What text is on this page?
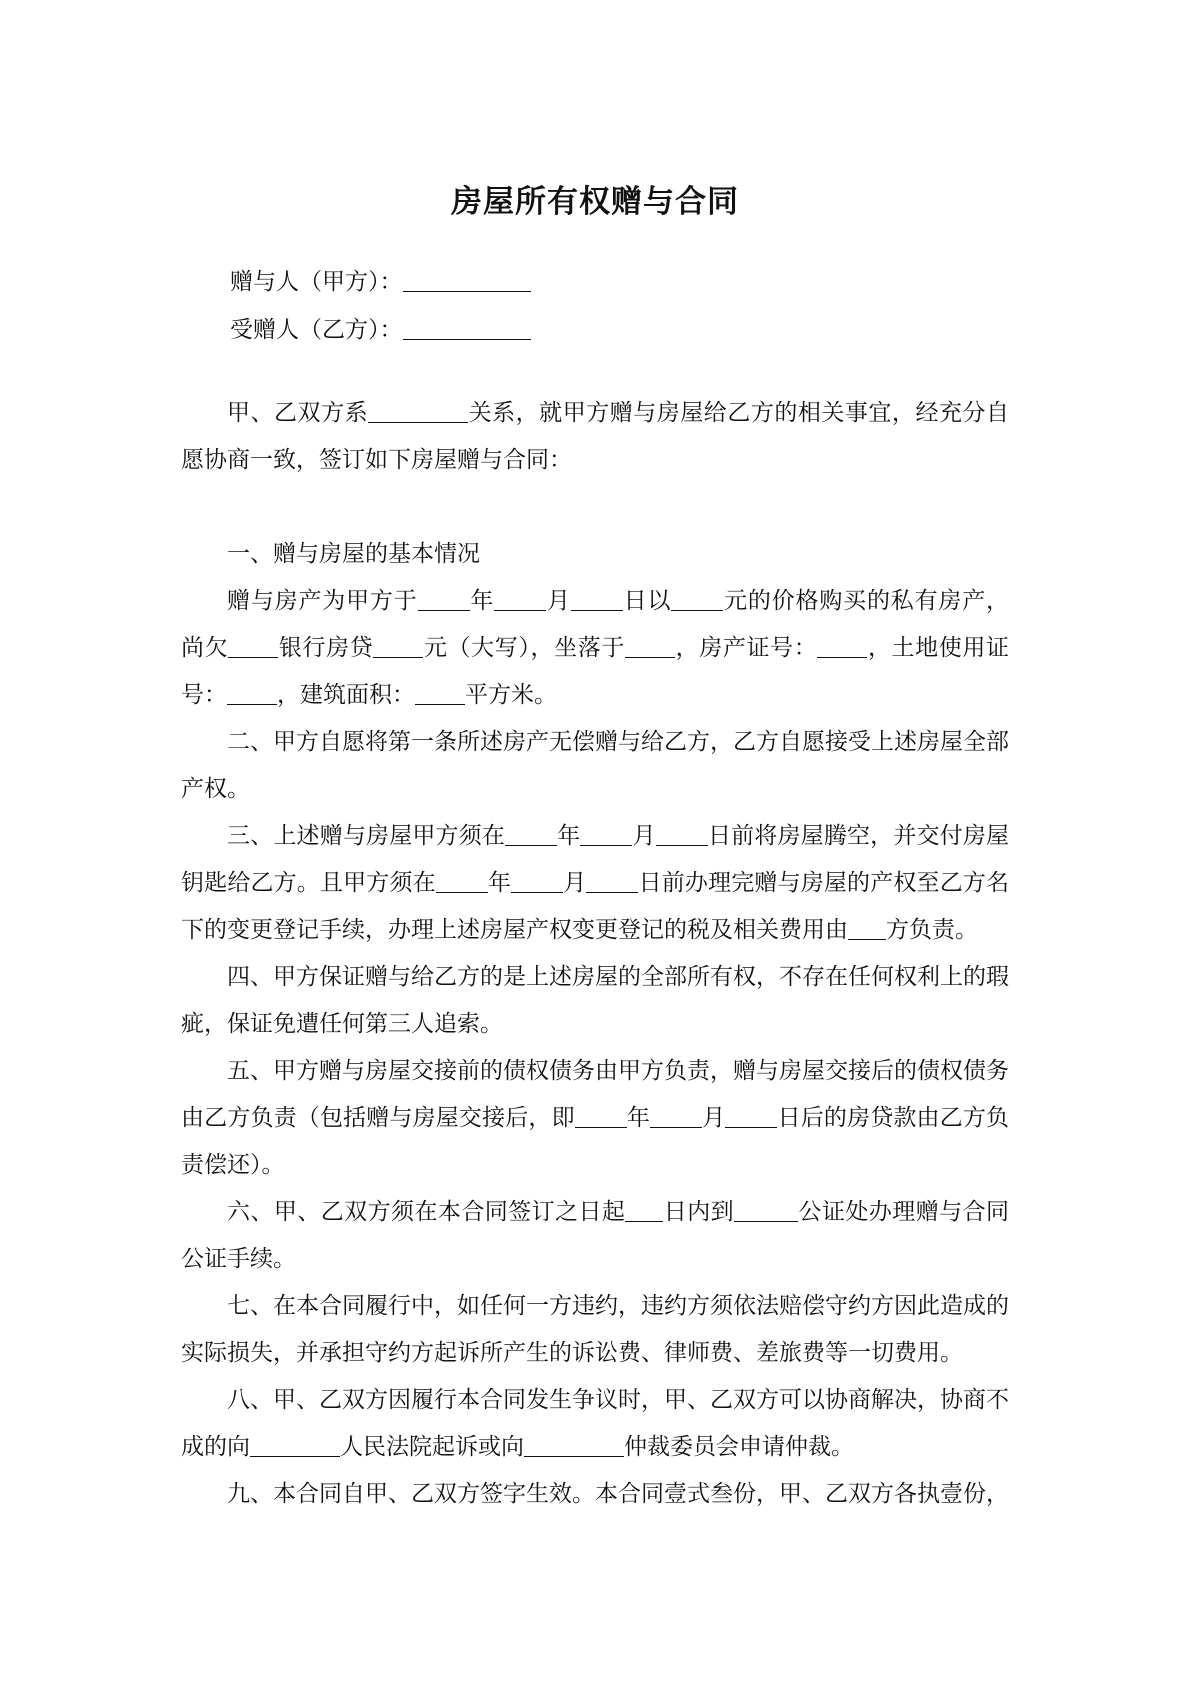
房屋所有权赠与合同
赠与人（甲方）：
受赠人（乙方）：

甲、乙双方系	关系，就甲方赠与房屋给乙方的相关事宜，经充分自愿协商一致，签订如下房屋赠与合同：

一、赠与房屋的基本情况

赠与房产为甲方于 年 月 日以 元的价格购买的私有房产，尚欠 银行房贷 元（大写），坐落于 ，房产证号： ，土地使用证号： ，建筑面积： 平方米。

二、甲方自愿将第一条所述房产无偿赠与给乙方，乙方自愿接受上述房屋全部产权。

三、上述赠与房屋甲方须在 年 月 日前将房屋腾空，并交付房屋钥匙给乙方。且甲方须在 年 月 日前办理完赠与房屋的产权至乙方名下的变更登记手续，办理上述房屋产权变更登记的税及相关费用由 方负责。

四、甲方保证赠与给乙方的是上述房屋的全部所有权，不存在任何权利上的瑕疵，保证免遭任何第三人追索。

五、甲方赠与房屋交接前的债权债务由甲方负责，赠与房屋交接后的债权债务由乙方负责（包括赠与房屋交接后，即 年 月 日后的房贷款由乙方负责偿还）。

六、甲、乙双方须在本合同签订之日起 日内到	公证处办理赠与合同公证手续。

七、在本合同履行中，如任何一方违约，违约方须依法赔偿守约方因此造成的实际损失，并承担守约方起诉所产生的诉讼费、律师费、差旅费等一切费用。

八、甲、乙双方因履行本合同发生争议时，甲、乙双方可以协商解决，协商不成的向	人民法院起诉或向	仲裁委员会申请仲裁。

九、本合同自甲、乙双方签字生效。本合同壹式叁份，甲、乙双方各执壹份，
